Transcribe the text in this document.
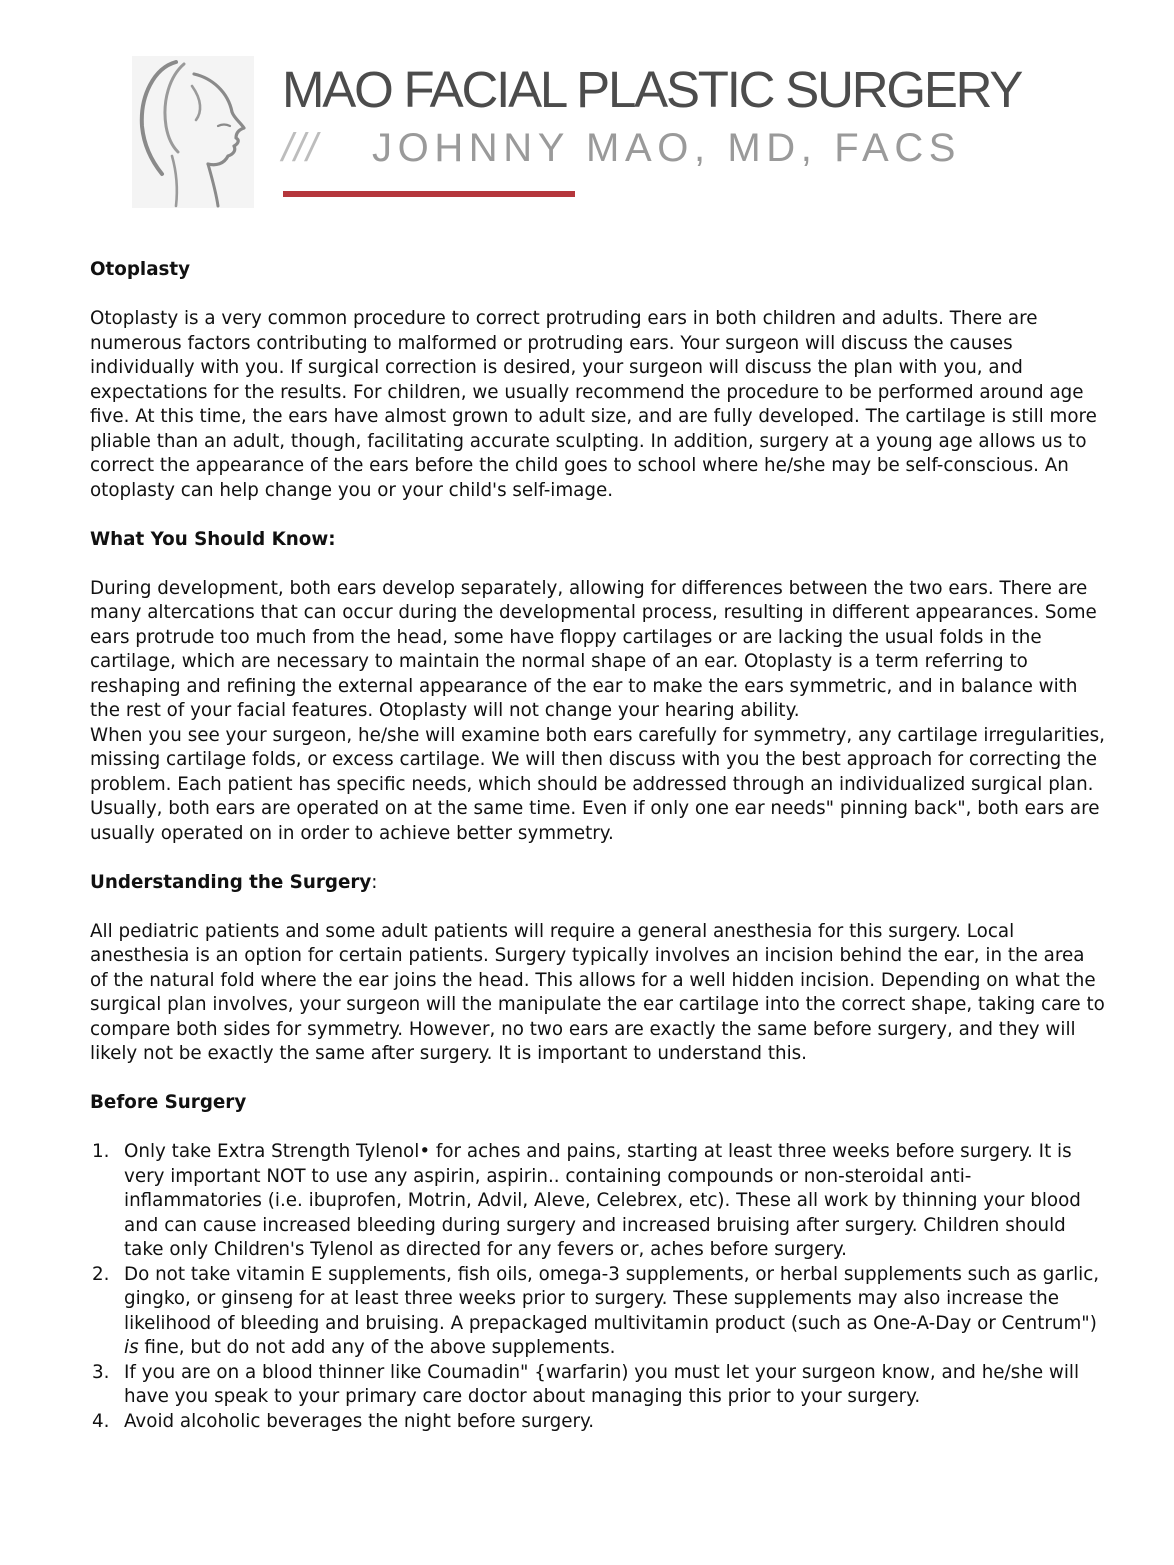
MAO FACIAL PLASTIC SURGERY
/// JOHNNY MAO, MD, FACS
Otoplasty

Otoplasty is a very common procedure to correct protruding ears in both children and adults. There are numerous factors contributing to malformed or protruding ears. Your surgeon will discuss the causes individually with you. If surgical correction is desired, your surgeon will discuss the plan with you, and expectations for the results. For children, we usually recommend the procedure to be performed around age five. At this time, the ears have almost grown to adult size, and are fully developed. The cartilage is still more pliable than an adult, though, facilitating accurate sculpting. In addition, surgery at a young age allows us to correct the appearance of the ears before the child goes to school where he/she may be self-conscious. An otoplasty can help change you or your child's self-image.

What You Should Know:

During development, both ears develop separately, allowing for differences between the two ears. There are many altercations that can occur during the developmental process, resulting in different appearances. Some ears protrude too much from the head, some have floppy cartilages or are lacking the usual folds in the cartilage, which are necessary to maintain the normal shape of an ear. Otoplasty is a term referring to reshaping and refining the external appearance of the ear to make the ears symmetric, and in balance with the rest of your facial features. Otoplasty will not change your hearing ability.

When you see your surgeon, he/she will examine both ears carefully for symmetry, any cartilage irregularities, missing cartilage folds, or excess cartilage. We will then discuss with you the best approach for correcting the problem. Each patient has specific needs, which should be addressed through an individualized surgical plan. Usually, both ears are operated on at the same time. Even if only one ear needs" pinning back", both ears are usually operated on in order to achieve better symmetry.

Understanding the Surgery:

All pediatric patients and some adult patients will require a general anesthesia for this surgery. Local anesthesia is an option for certain patients. Surgery typically involves an incision behind the ear, in the area of the natural fold where the ear joins the head. This allows for a well hidden incision. Depending on what the surgical plan involves, your surgeon will the manipulate the ear cartilage into the correct shape, taking care to compare both sides for symmetry. However, no two ears are exactly the same before surgery, and they will likely not be exactly the same after surgery. It is important to understand this.

Before Surgery
1. Only take Extra Strength Tylenol• for aches and pains, starting at least three weeks before surgery. It is very important NOT to use any aspirin, aspirin.. containing compounds or non-steroidal anti-inflammatories (i.e. ibuprofen, Motrin, Advil, Aleve, Celebrex, etc). These all work by thinning your blood and can cause increased bleeding during surgery and increased bruising after surgery. Children should take only Children's Tylenol as directed for any fevers or, aches before surgery.
2. Do not take vitamin E supplements, fish oils, omega-3 supplements, or herbal supplements such as garlic, gingko, or ginseng for at least three weeks prior to surgery. These supplements may also increase the likelihood of bleeding and bruising. A prepackaged multivitamin product (such as One-A-Day or Centrum") is fine, but do not add any of the above supplements.
3. If you are on a blood thinner like Coumadin" {warfarin) you must let your surgeon know, and he/she will have you speak to your primary care doctor about managing this prior to your surgery.
4. Avoid alcoholic beverages the night before surgery.
